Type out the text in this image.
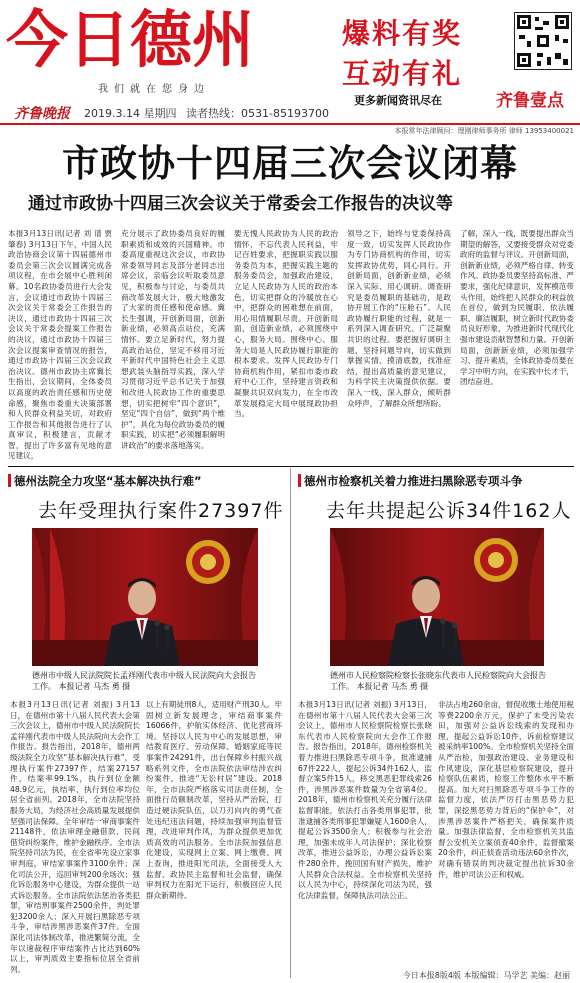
今日德州
我们就在您身边
爆料有奖
互动有礼
更多新闻资讯尽在	齐鲁壹点
齐鲁晚报 2019.3.14 星期四 读者热线：0531-85193700
本报常年法律顾问：理刚律师事务所 律师 13953400021
市政协十四届三次会议闭幕
通过市政协十四届三次会议关于常委会工作报告的决议等
本报3月13日讯(记者 刘 谱 贾肇春) 3月13日下午，中国人民政治协商会议第十四届德州市委员会第三次会议圆满完成各项议程，在市会展中心胜利闭幕。10名政协委员进行大会发言，会议通过市政协十四届三次会议关于常委会工作报告的决议，通过市政协十四届三次会议关于常委会提案工作报告的决议，通过市政协十四届三次会议提案审查情况的报告，通过市政协十四届三次会议政治决议。德州市政协主席冀长生指出，会议期间，全体委员以高度的政治责任感和历史使命感，聚焦市委重大决策部署和人民群众利益关切，对政府工作报告和其他报告进行了认真审议，积极建言，贡献才智，提出了许多富有见地的意见建议，
充分展示了政协委员良好的履职素质和成效的兴国精神。市委高度重视这次会议，市政协常委领导同志及部分老同志出席会议，亲临会议听取委员意见，积极参与讨论，与委员共商改革发展大计，极大地激发了大家的责任感和使命感。冀长生强调，开创新局面，创新新业绩，必须高点站位，充满情怀。要立足新时代，努力提高政治站位，坚定不移用习近平新时代中国特色社会主义思想武装头脑指导实践，深入学习贯彻习近平总书记关于加强和改进人民政协工作的重要思想，切实把树牢“四个意识”，坚定“四个自信”，做到“两个维护”，具化为每位政协委员的履职实践，切实把“必须履职解明讲政治”的要求落地落实。
要无愧人民政协为人民的政治情怀，不忘代表人民利益，牢记百姓要求，把握职实践以服务委员为本，把握实践主题的服务委员会，加强政治建设，立足人民政协为人民的政治本色，切实把群众的冷暖放在心中，把群众的困难想在前面，用心用情履职尽责。开创新局面，创造新业绩，必须围绕中心，服务大局。围绕中心、服务大局是人民政协履行职能的根本要求。发挥人民政协专门协商机构作用，紧扣市委市政府中心工作，坚持建言资政和凝聚共识双向发力，在全市改革发展稳定大局中展现政协担当。
领导之下，始终与党委保持高度一致，切实发挥人民政协作为专门协商机构的作用，切实发挥政协优势，同心同行。开创新局面，创新新业绩，必须深入实际、用心调研。调查研究是委员履职的基础功，是政协开展工作的“压舱石”。人民政协履行职能的过程，就是一系列深入调查研究、广泛凝聚共识的过程。要把握好调研主题，坚持问题导向，切实做到掌握实情、摸清底数，找准症结，提出高质量的意见建议，为科学民主决策提供依据。要深入一线，深入群众，倾听群众呼声，了解群众所想所盼。
了解，深入一线，既要提出群众当期望的解答，又要接受群众对党委政府的监督与评议。开创新局面，创新新业绩，必须严格自律、转变作风。政协委员要坚持高标准、严要求，强化纪律意识，发挥模范带头作用，始终把人民群众的利益放在首位，做到为民履职、依法履职、廉洁履职，树立新时代政协委员良好形象，为推进新时代现代化强市建设贡献智慧和力量。开创新局面，创新新业绩，必须加强学习、提升素质，全体政协委员要在学习中明方向，在实践中长才干，团结奋进。
德州法院全力攻坚“基本解决执行难”
去年受理执行案件27397件
德州市中级人民法院院长孟祥刚代表市中级人民法院向大会报告工作。 本报记者 马杰 勇 摄
本报3月13日讯(记者 刘振) 3月13日，在德州市第十八届人民代表大会第三次会议上，德州市中级人民法院院长孟祥刚代表市中级人民法院向大会作工作报告。报告指出，2018年，德州两级法院全力攻坚“基本解决执行难”，受理执行案件27397件，结案27157件，结案率99.1%，执行到位金额48.9亿元，执结率、执行到位率均位居全省前列。2018年，全市法院坚持服务大局，为经济社会高质量发展提供坚强司法保障。全年审结一审商事案件21148件，依法审理金融借款、民间借贷纠纷案件，维护金融秩序。全市法院坚持司法为民，在全省率先设立家事审判庭，审结家事案件3100余件；深化司法公开，巡回审判200余场次；强化诉讼服务中心建设，为群众提供一站式诉讼服务。全市法院依法惩治各类犯罪，审结刑事案件2500余件，判处罪犯3200余人；深入开展扫黑除恶专项斗争，审结涉黑涉恶案件37件。全面深化司法体制改革，推进繁简分流，全年以速裁程序审结案件占比达到60%以上，审判质效主要指标位居全省前列。
以上有期徒刑8人，适用财产刑30人。牢固树立新发展理念，审结商事案件16066件，护航实体经济、优化营商环境。坚持以人民为中心的发展思想，审结教育医疗、劳动保障、婚姻家庭等民事案件24291件，出台保障乡村振兴战略系列文件，全市法院依法审结涉农纠纷案件，推进“无讼村居”建设。2018年，全市法院严格落实司法责任制，全面推行员额制改革，坚持从严治院，打造过硬法院队伍，以刀刃向内的勇气查处违纪违法问题，持续加强审判监督管理，改进审判作风，为群众提供更加优质高效的司法服务。全市法院加强信息化建设，实现网上立案、网上缴费、网上查询，推进阳光司法，全面接受人大监督、政协民主监督和社会监督，确保审判权力在阳光下运行，积极回应人民群众新期待。
德州市检察机关着力推进扫黑除恶专项斗争
去年共提起公诉34件162人
德州市人民检察院检察长张晓东代表市人民检察院向大会报告工作。 本报记者 马杰 勇 摄
本报3月13日讯(记者 刘振) 3月13日，在德州市第十八届人民代表大会第三次会议上，德州市人民检察院检察长张晓东代表市人民检察院向大会作工作报告。报告指出，2018年，德州检察机关着力推进扫黑除恶专项斗争，批准逮捕67件222人，提起公诉34件162人，监督立案5件15人，移交黑恶犯罪线索26件，涉黑涉恶案件数量为全省第4位。2018年，德州市检察机关充分履行法律监督职能，依法打击各类刑事犯罪，批准逮捕各类刑事犯罪嫌疑人1600余人，提起公诉3500余人；积极参与社会治理，加强未成年人司法保护；深化检察改革，推进公益诉讼，办理公益诉讼案件280余件，挽回国有财产损失，维护人民群众合法权益。全市检察机关坚持以人民为中心，持续深化司法为民，强化法律监督，保障执法司法公正。
非法占地260余亩，督促收缴土地使用税等费2200余万元，保护了未受污染农田，加强对公益诉讼线索的发现和办理，提起公益诉讼10件，诉前检察建议被采纳率100%。全市检察机关坚持全面从严治检，加强政治建设、业务建设和作风建设，深化基层检察院建设，提升检察队伍素质，检察工作整体水平不断提高。加大对扫黑除恶专项斗争工作的监督力度，依法严厉打击黑恶势力犯罪，深挖黑恶势力背后的“保护伞”，对涉黑涉恶案件严格把关，确保案件质量。加强法律监督，全市检察机关共监督公安机关立案侦查40余件，监督撤案20余件，纠正侦查活动违法60余件次，对确有错误的判决裁定提出抗诉30余件，维护司法公正和权威。
今日本报8版4版 本版编辑：马学艺 美编：赵丽
